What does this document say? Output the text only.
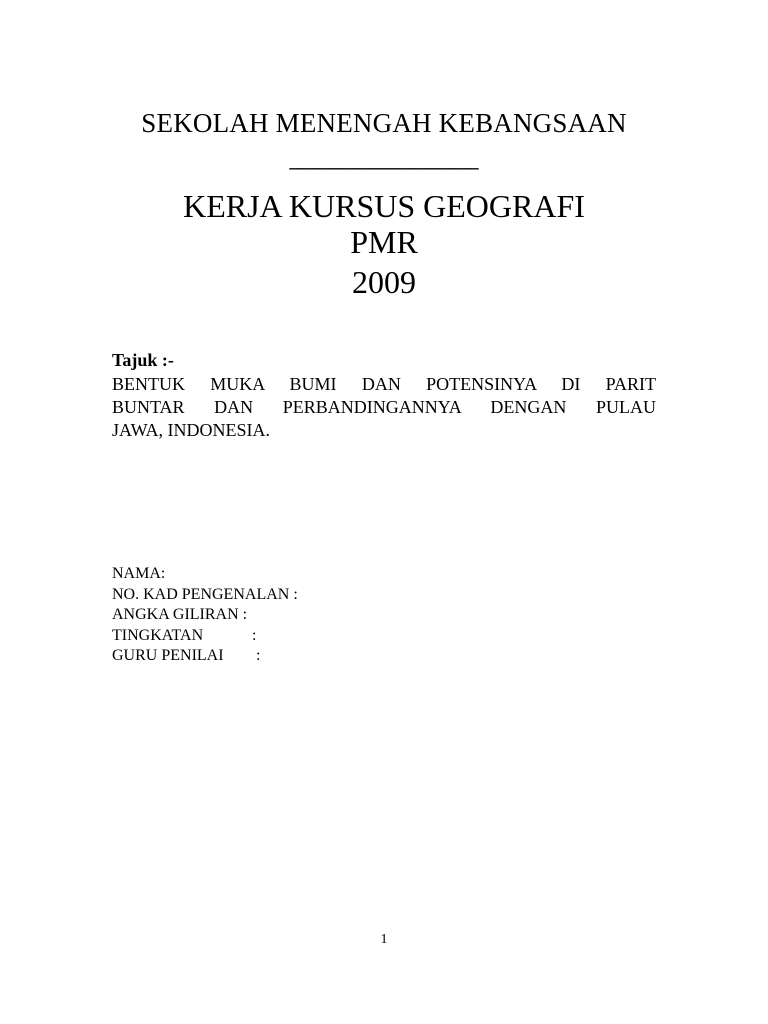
SEKOLAH MENENGAH KEBANGSAAN
______________
KERJA KURSUS GEOGRAFI
PMR
2009
Tajuk :-
BENTUK MUKA BUMI DAN POTENSINYA DI PARIT
BUNTAR DAN PERBANDINGANNYA DENGAN PULAU
JAWA, INDONESIA.
NAMA :
NO. KAD PENGENALAN :
ANGKA GILIRAN :
TINGKATAN	:
GURU PENILAI	:
1
